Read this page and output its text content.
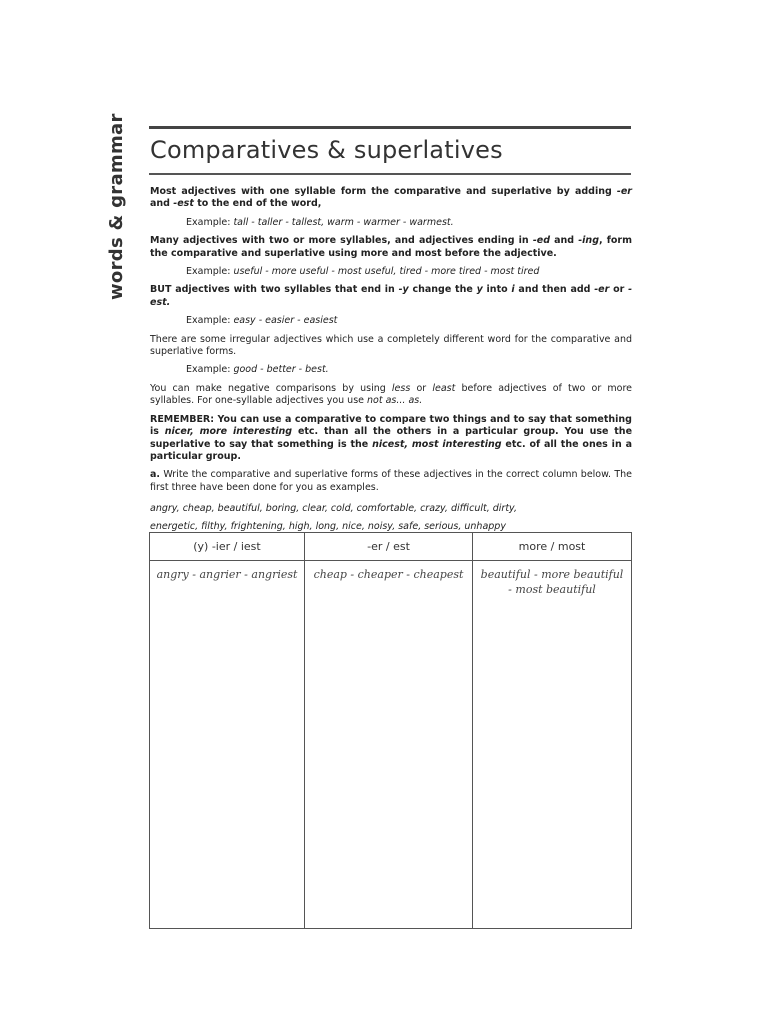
words & grammar Comparatives & superlatives

Most adjectives with one syllable form the comparative and superlative by adding -er and -est to the end of the word,

Example: tall - taller - tallest, warm - warmer - warmest.

Many adjectives with two or more syllables, and adjectives ending in -ed and -ing, form the comparative and superlative using more and most before the adjective.

Example: useful - more useful - most useful, tired - more tired - most tired

BUT adjectives with two syllables that end in -y change the y into i and then add -er or -est.

Example: easy - easier - easiest

There are some irregular adjectives which use a completely different word for the comparative and superlative forms.

Example: good - better - best.

You can make negative comparisons by using less or least before adjectives of two or more syllables. For one-syllable adjectives you use not as... as.

REMEMBER: You can use a comparative to compare two things and to say that something is nicer, more interesting etc. than all the others in a particular group. You use the superlative to say that something is the nicest, most interesting etc. of all the ones in a particular group.

a. Write the comparative and superlative forms of these adjectives in the correct column below. The first three have been done for you as examples.

angry, cheap, beautiful, boring, clear, cold, comfortable, crazy, difficult, dirty,
energetic, filthy, frightening, high, long, nice, noisy, safe, serious, unhappy

(y) -ier / iest	-er / est	more / most
angry - angrier - angriest	cheap - cheaper - cheapest	beautiful - more beautiful - most beautiful
